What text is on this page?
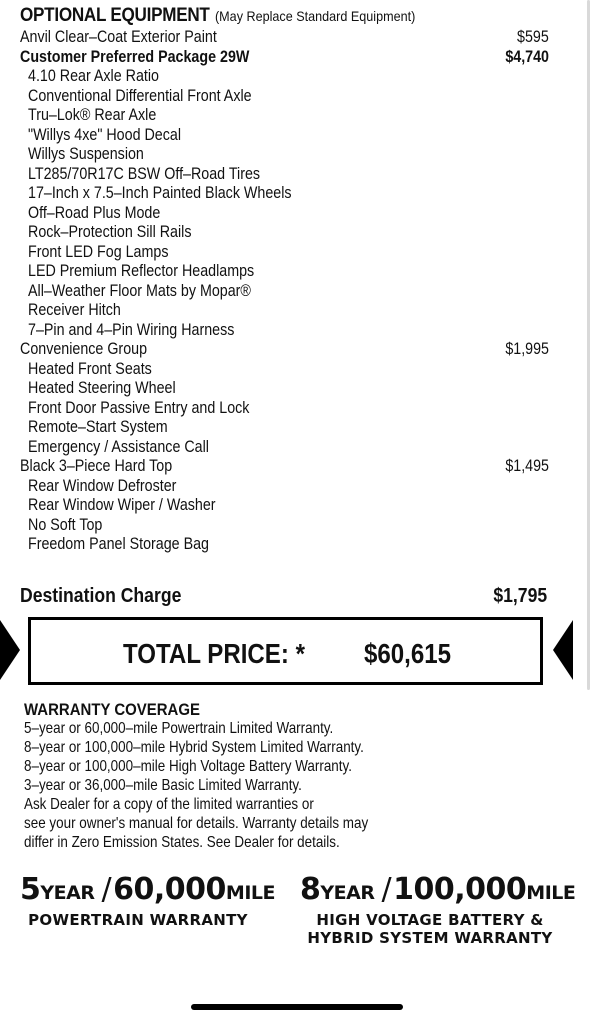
OPTIONAL EQUIPMENT (May Replace Standard Equipment)
Anvil Clear–Coat Exterior Paint	$595
Customer Preferred Package 29W	$4,740
4.10 Rear Axle Ratio
Conventional Differential Front Axle
Tru–Lok® Rear Axle
"Willys 4xe" Hood Decal
Willys Suspension
LT285/70R17C BSW Off–Road Tires
17–Inch x 7.5–Inch Painted Black Wheels
Off–Road Plus Mode
Rock–Protection Sill Rails
Front LED Fog Lamps
LED Premium Reflector Headlamps
All–Weather Floor Mats by Mopar®
Receiver Hitch
7–Pin and 4–Pin Wiring Harness
Convenience Group	$1,995
Heated Front Seats
Heated Steering Wheel
Front Door Passive Entry and Lock
Remote–Start System
Emergency / Assistance Call
Black 3–Piece Hard Top	$1,495
Rear Window Defroster
Rear Window Wiper / Washer
No Soft Top
Freedom Panel Storage Bag
Destination Charge	$1,795
TOTAL PRICE: *	$60,615
WARRANTY COVERAGE
5–year or 60,000–mile Powertrain Limited Warranty.
8–year or 100,000–mile Hybrid System Limited Warranty.
8–year or 100,000–mile High Voltage Battery Warranty.
3–year or 36,000–mile Basic Limited Warranty.
Ask Dealer for a copy of the limited warranties or
see your owner's manual for details. Warranty details may
differ in Zero Emission States. See Dealer for details.
5YEAR /60,000MILE
POWERTRAIN WARRANTY
8YEAR /100,000MILE
HIGH VOLTAGE BATTERY &
HYBRID SYSTEM WARRANTY
